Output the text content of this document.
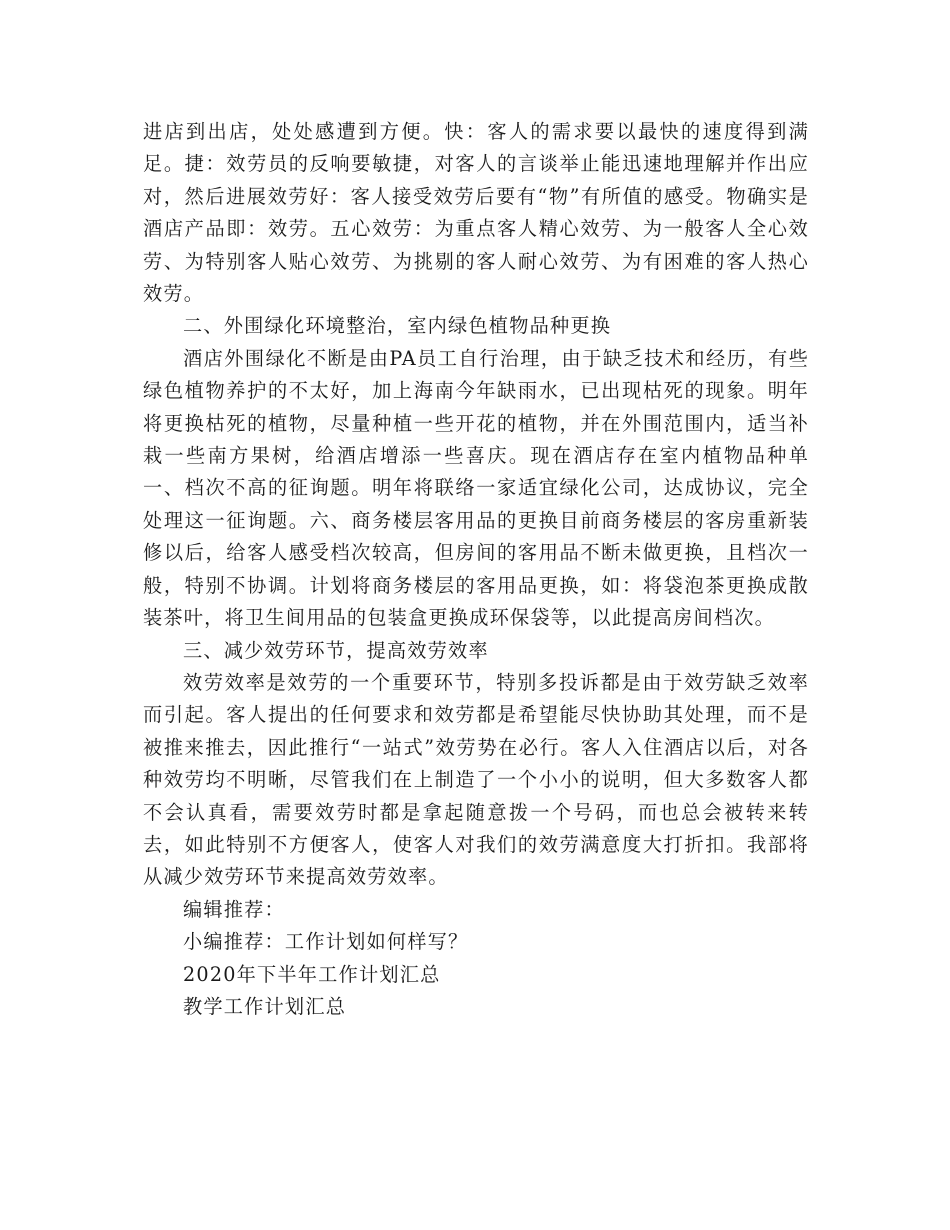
进店到出店，处处感遭到方便。快：客人的需求要以最快的速度得到满足。捷：效劳员的反响要敏捷，对客人的言谈举止能迅速地理解并作出应对，然后进展效劳好：客人接受效劳后要有“物”有所值的感受。物确实是酒店产品即：效劳。五心效劳：为重点客人精心效劳、为一般客人全心效劳、为特别客人贴心效劳、为挑剔的客人耐心效劳、为有困难的客人热心效劳。

二、外围绿化环境整治，室内绿色植物品种更换

酒店外围绿化不断是由PA员工自行治理，由于缺乏技术和经历，有些绿色植物养护的不太好，加上海南今年缺雨水，已出现枯死的现象。明年将更换枯死的植物，尽量种植一些开花的植物，并在外围范围内，适当补栽一些南方果树，给酒店增添一些喜庆。现在酒店存在室内植物品种单一、档次不高的征询题。明年将联络一家适宜绿化公司，达成协议，完全处理这一征询题。六、商务楼层客用品的更换目前商务楼层的客房重新装修以后，给客人感受档次较高，但房间的客用品不断未做更换，且档次一般，特别不协调。计划将商务楼层的客用品更换，如：将袋泡茶更换成散装茶叶，将卫生间用品的包装盒更换成环保袋等，以此提高房间档次。

三、减少效劳环节，提高效劳效率

效劳效率是效劳的一个重要环节，特别多投诉都是由于效劳缺乏效率而引起。客人提出的任何要求和效劳都是希望能尽快协助其处理，而不是被推来推去，因此推行“一站式”效劳势在必行。客人入住酒店以后，对各种效劳均不明晰，尽管我们在上制造了一个小小的说明，但大多数客人都不会认真看，需要效劳时都是拿起随意拨一个号码，而也总会被转来转去，如此特别不方便客人，使客人对我们的效劳满意度大打折扣。我部将从减少效劳环节来提高效劳效率。

编辑推荐：

小编推荐：工作计划如何样写？

2020年下半年工作计划汇总

教学工作计划汇总
